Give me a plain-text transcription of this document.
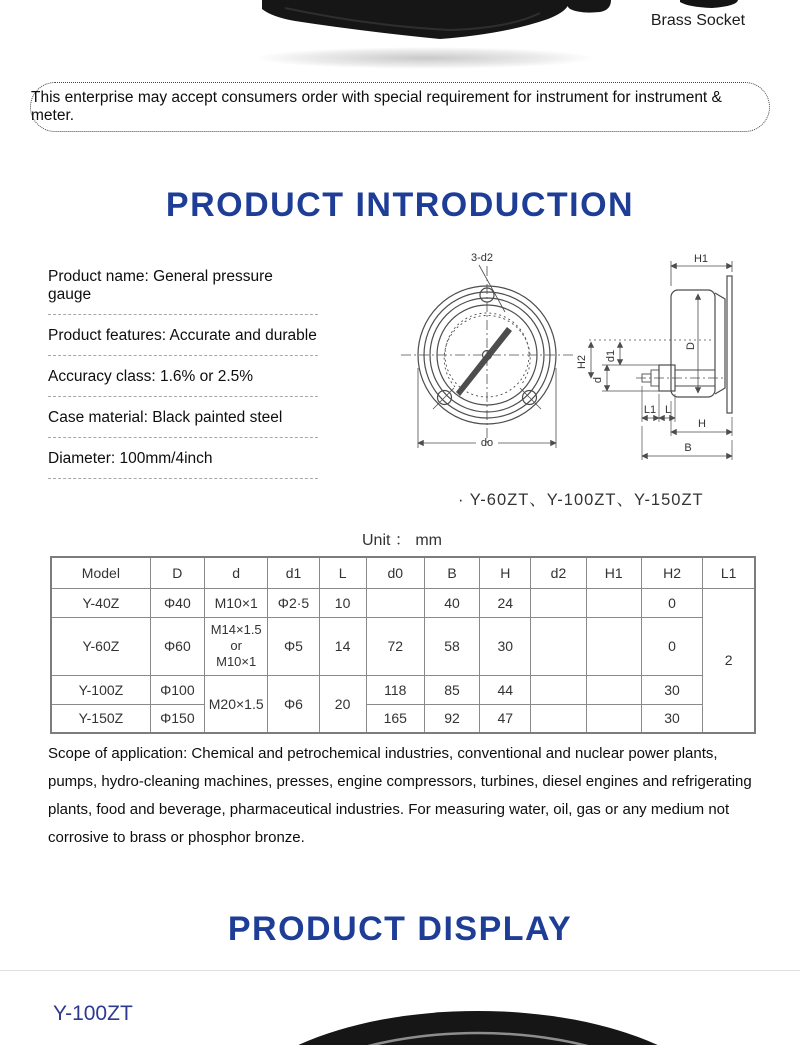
Brass Socket

This enterprise may accept consumers order with special requirement for instrument for instrument & meter.

PRODUCT INTRODUCTION
Product name: General pressure gauge
Product features: Accurate and durable
Accuracy class: 1.6% or 2.5%
Case material: Black painted steel
Diameter: 100mm/4inch
3-d2
do
H1
D
d1
H2
d
L1 L
H
B
· Y-60ZT、Y-100ZT、Y-150ZT
Unit ： mm
Model	D	d	d1	L	d0	B	H	d2	H1	H2	L1
Y-40Z	Φ40	M10×1	Φ2·5	10		40	24			0	2
Y-60Z	Φ60	M14×1.5
or
M10×1	Φ5	14	72	58	30			0	
Y-100Z	Φ100	M20×1.5	Φ6	20	118	85	44			30	
Y-150Z	Φ150				165	92	47			30	

Scope of application: Chemical and petrochemical industries, conventional and nuclear power plants, pumps, hydro-cleaning machines, presses, engine compressors, turbines, diesel engines and refrigerating plants, food and beverage, pharmaceutical industries. For measuring water, oil, gas or any medium not corrosive to brass or phosphor bronze.

PRODUCT DISPLAY
Y-100ZT
